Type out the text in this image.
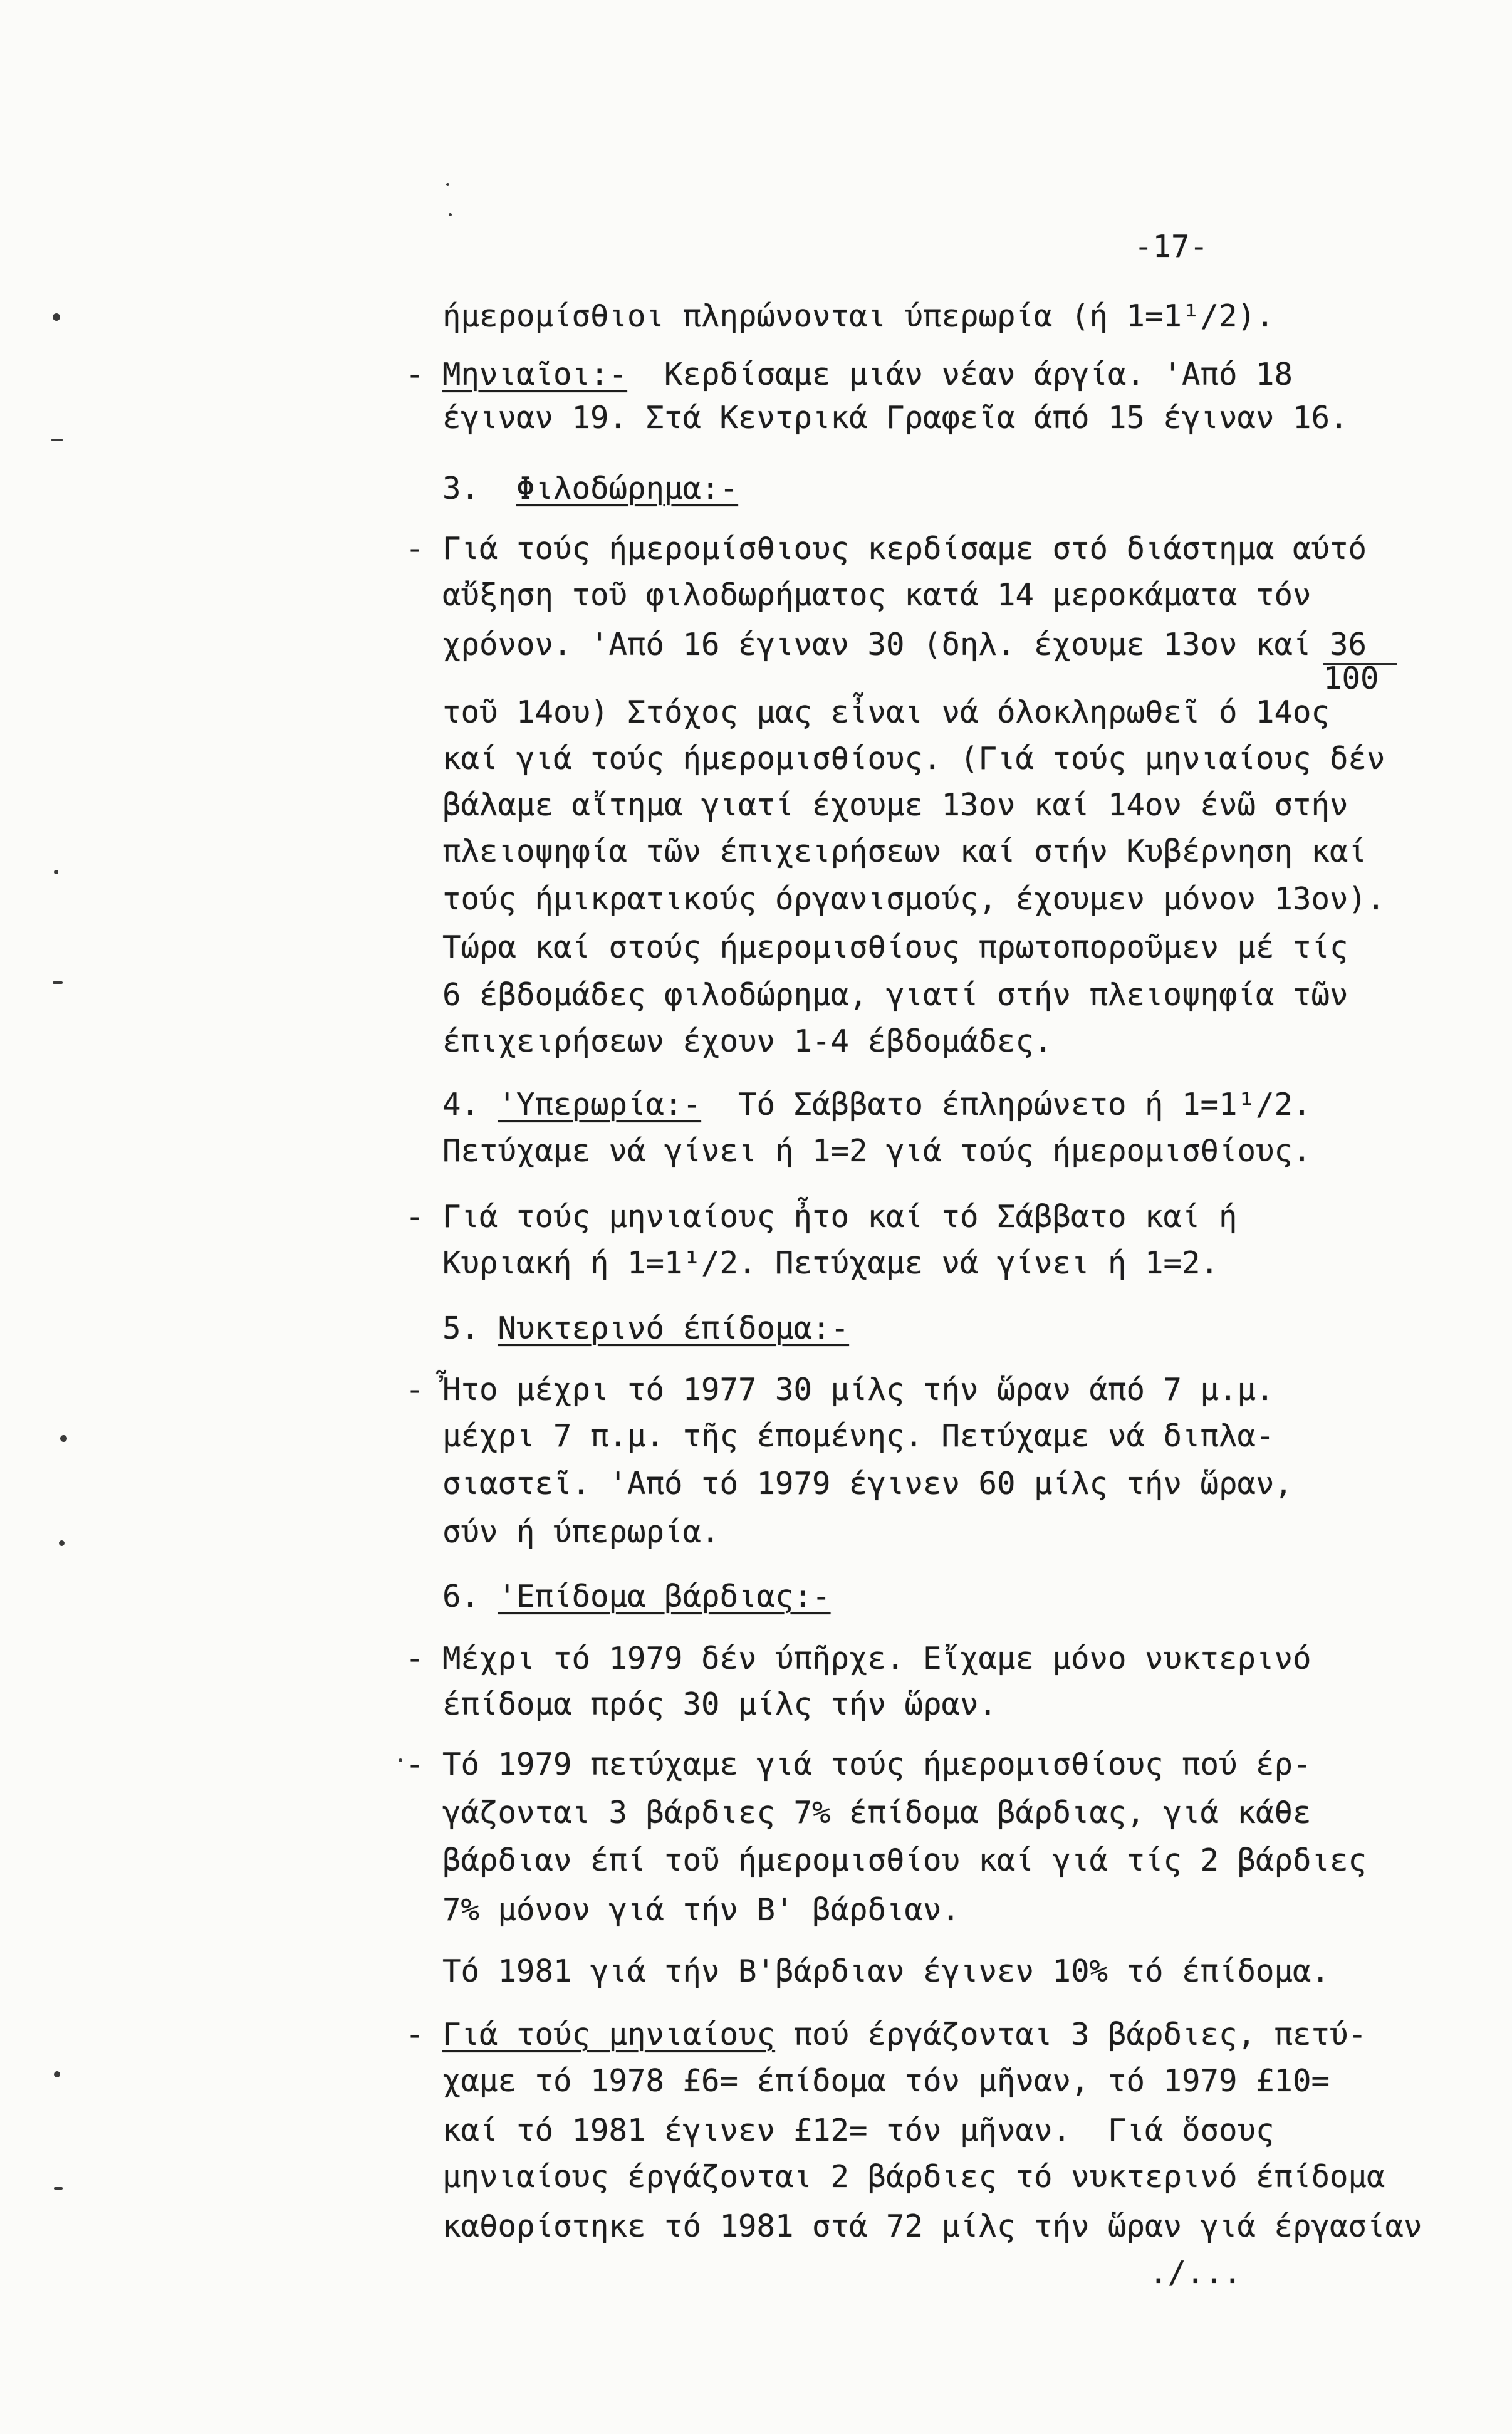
-17-
ήμερομίσθιοι πληρώνονται ύπερωρία (ή 1=1¹/2).
- Μηνιαῖοι:-  Κερδίσαμε μιάν νέαν άργία. 'Από 18
έγιναν 19. Στά Κεντρικά Γραφεῖα άπό 15 έγιναν 16.
3.  Φιλοδώρημα:-
- Γιά τούς ήμερομίσθιους κερδίσαμε στό διάστημα αύτό
αὔξηση τοῦ φιλοδωρήματος κατά 14 μεροκάματα τόν
χρόνον. 'Από 16 έγιναν 30 (δηλ. έχουμε 13ον καί 36
100
τοῦ 14ου) Στόχος μας εἶναι νά όλοκληρωθεῖ ό 14ος
καί γιά τούς ήμερομισθίους. (Γιά τούς μηνιαίους δέν
βάλαμε αἴτημα γιατί έχουμε 13ον καί 14ον ένῶ στήν
πλειοψηφία τῶν έπιχειρήσεων καί στήν Κυβέρνηση καί
τούς ήμικρατικούς όργανισμούς, έχουμεν μόνον 13ον).
Τώρα καί στούς ήμερομισθίους πρωτοποροῦμεν μέ τίς
6 έβδομάδες φιλοδώρημα, γιατί στήν πλειοψηφία τῶν
έπιχειρήσεων έχουν 1-4 έβδομάδες.
4. 'Υπερωρία:-  Τό Σάββατο έπληρώνετο ή 1=1¹/2.
Πετύχαμε νά γίνει ή 1=2 γιά τούς ήμερομισθίους.
- Γιά τούς μηνιαίους ἦτο καί τό Σάββατο καί ή
Κυριακή ή 1=1¹/2. Πετύχαμε νά γίνει ή 1=2.
5. Νυκτερινό έπίδομα:-
- Ἦτο μέχρι τό 1977 30 μίλς τήν ὥραν άπό 7 μ.μ.
μέχρι 7 π.μ. τῆς έπομένης. Πετύχαμε νά διπλα-
σιαστεῖ. 'Από τό 1979 έγινεν 60 μίλς τήν ὥραν,
σύν ή ύπερωρία.
6. 'Επίδομα βάρδιας:-
- Μέχρι τό 1979 δέν ύπῆρχε. Εἴχαμε μόνο νυκτερινό
έπίδομα πρός 30 μίλς τήν ὥραν.
- Τό 1979 πετύχαμε γιά τούς ήμερομισθίους πού έρ-
γάζονται 3 βάρδιες 7% έπίδομα βάρδιας, γιά κάθε
βάρδιαν έπί τοῦ ήμερομισθίου καί γιά τίς 2 βάρδιες
7% μόνον γιά τήν Β' βάρδιαν.
Τό 1981 γιά τήν Β'βάρδιαν έγινεν 10% τό έπίδομα.
- Γιά τούς μηνιαίους πού έργάζονται 3 βάρδιες, πετύ-
χαμε τό 1978 £6= έπίδομα τόν μῆναν, τό 1979 £10=
καί τό 1981 έγινεν £12= τόν μῆναν.  Γιά ὅσους
μηνιαίους έργάζονται 2 βάρδιες τό νυκτερινό έπίδομα
καθορίστηκε τό 1981 στά 72 μίλς τήν ὥραν γιά έργασίαν
./...
